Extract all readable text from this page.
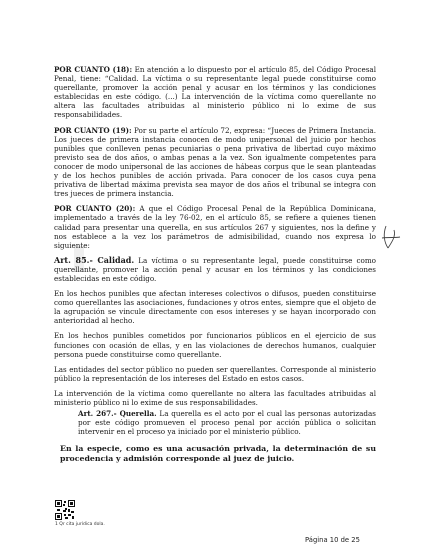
POR CUANTO (18): En atención a lo dispuesto por el artículo 85, del Código Procesal Penal, tiene: “Calidad. La víctima o su representante legal puede constituirse como querellante, promover la acción penal y acusar en los términos y las condiciones establecidas en este código. (...) La intervención de la víctima como querellante no altera las facultades atribuidas al ministerio público ni lo exime de sus responsabilidades.

POR CUANTO (19): Por su parte el artículo 72, expresa: “Jueces de Primera Instancia. Los jueces de primera instancia conocen de modo unipersonal del juicio por hechos punibles que conlleven penas pecuniarias o pena privativa de libertad cuyo máximo previsto sea de dos años, o ambas penas a la vez. Son igualmente competentes para conocer de modo unipersonal de las acciones de hábeas corpus que le sean planteadas y de los hechos punibles de acción privada. Para conocer de los casos cuya pena privativa de libertad máxima prevista sea mayor de dos años el tribunal se integra con tres jueces de primera instancia.

POR CUANTO (20): A que el Código Procesal Penal de la República Dominicana, implementado a través de la ley 76-02, en el artículo 85, se refiere a quienes tienen calidad para presentar una querella, en sus artículos 267 y siguientes, nos la define y nos establece a la vez los parámetros de admisibilidad, cuando nos expresa lo siguiente:

Art. 85.- Calidad. La víctima o su representante legal, puede constituirse como querellante, promover la acción penal y acusar en los términos y las condiciones establecidas en este código.

En los hechos punibles que afectan intereses colectivos o difusos, pueden constituirse como querellantes las asociaciones, fundaciones y otros entes, siempre que el objeto de la agrupación se vincule directamente con esos intereses y se hayan incorporado con anterioridad al hecho.

En los hechos punibles cometidos por funcionarios públicos en el ejercicio de sus funciones con ocasión de ellas, y en las violaciones de derechos humanos, cualquier persona puede constituirse como querellante.

Las entidades del sector público no pueden ser querellantes. Corresponde al ministerio público la representación de los intereses del Estado en estos casos.

La intervención de la víctima como querellante no altera las facultades atribuidas al ministerio público ni lo exime de sus responsabilidades.

Art. 267.- Querella. La querella es el acto por el cual las personas autorizadas por este código promueven el proceso penal por acción pública o solicitan intervenir en el proceso ya iniciado por el ministerio público.

En la especie, como es una acusación privada, la determinación de su procedencia y admisión corresponde al juez de juicio.

1 Qr cita jurídica dola.
Página 10 de 25
